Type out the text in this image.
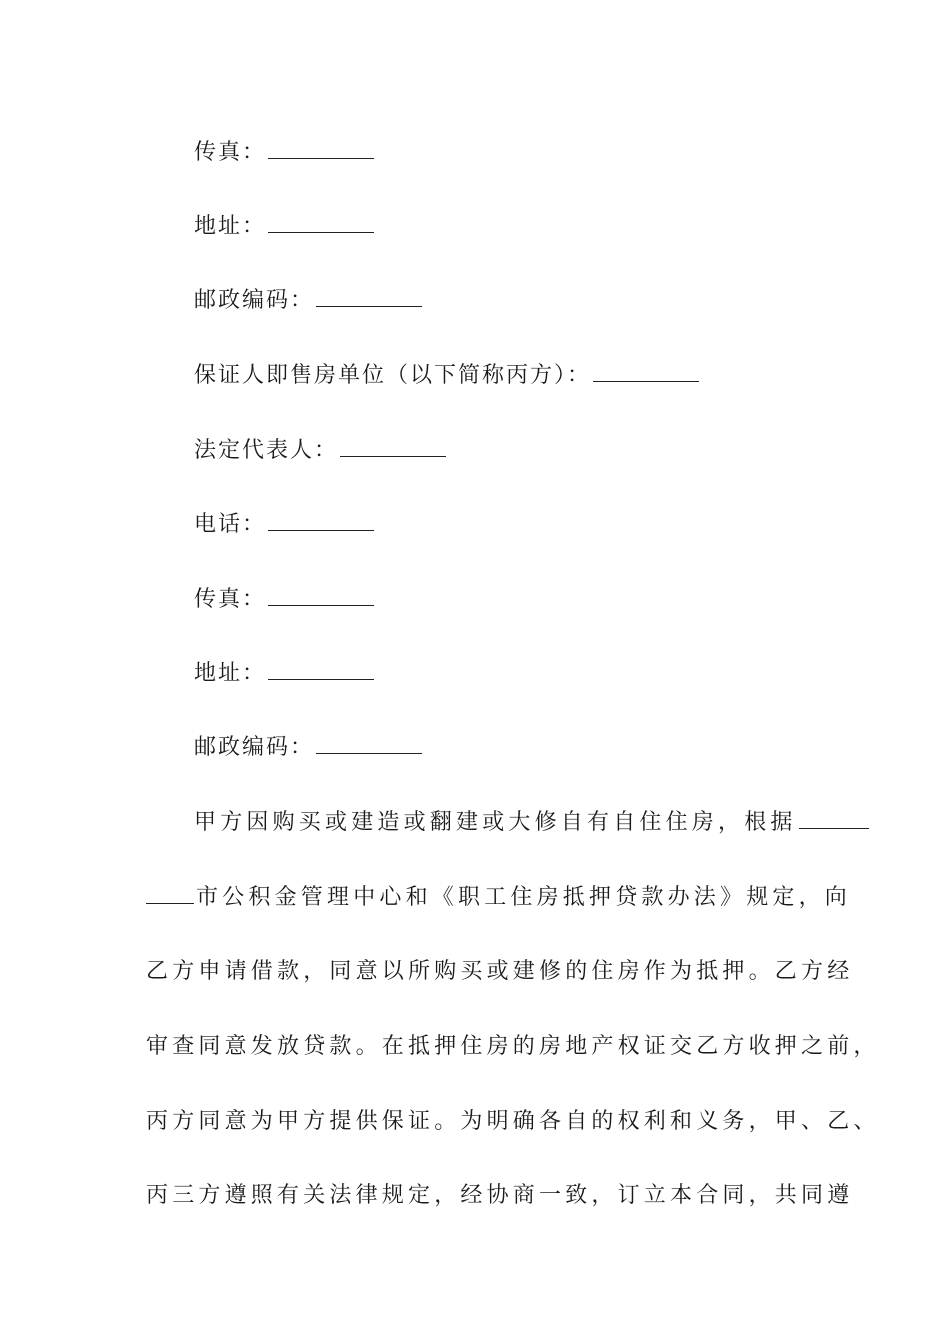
传真：
地址：
邮政编码：
保证人即售房单位（以下简称丙方）：
法定代表人：
电话：
传真：
地址：
邮政编码：
甲方因购买或建造或翻建或大修自有自住住房，根据
市公积金管理中心和《职工住房抵押贷款办法》规定，向
乙方申请借款，同意以所购买或建修的住房作为抵押。乙方经
审查同意发放贷款。在抵押住房的房地产权证交乙方收押之前，
丙方同意为甲方提供保证。为明确各自的权利和义务，甲、乙、
丙三方遵照有关法律规定，经协商一致，订立本合同，共同遵
